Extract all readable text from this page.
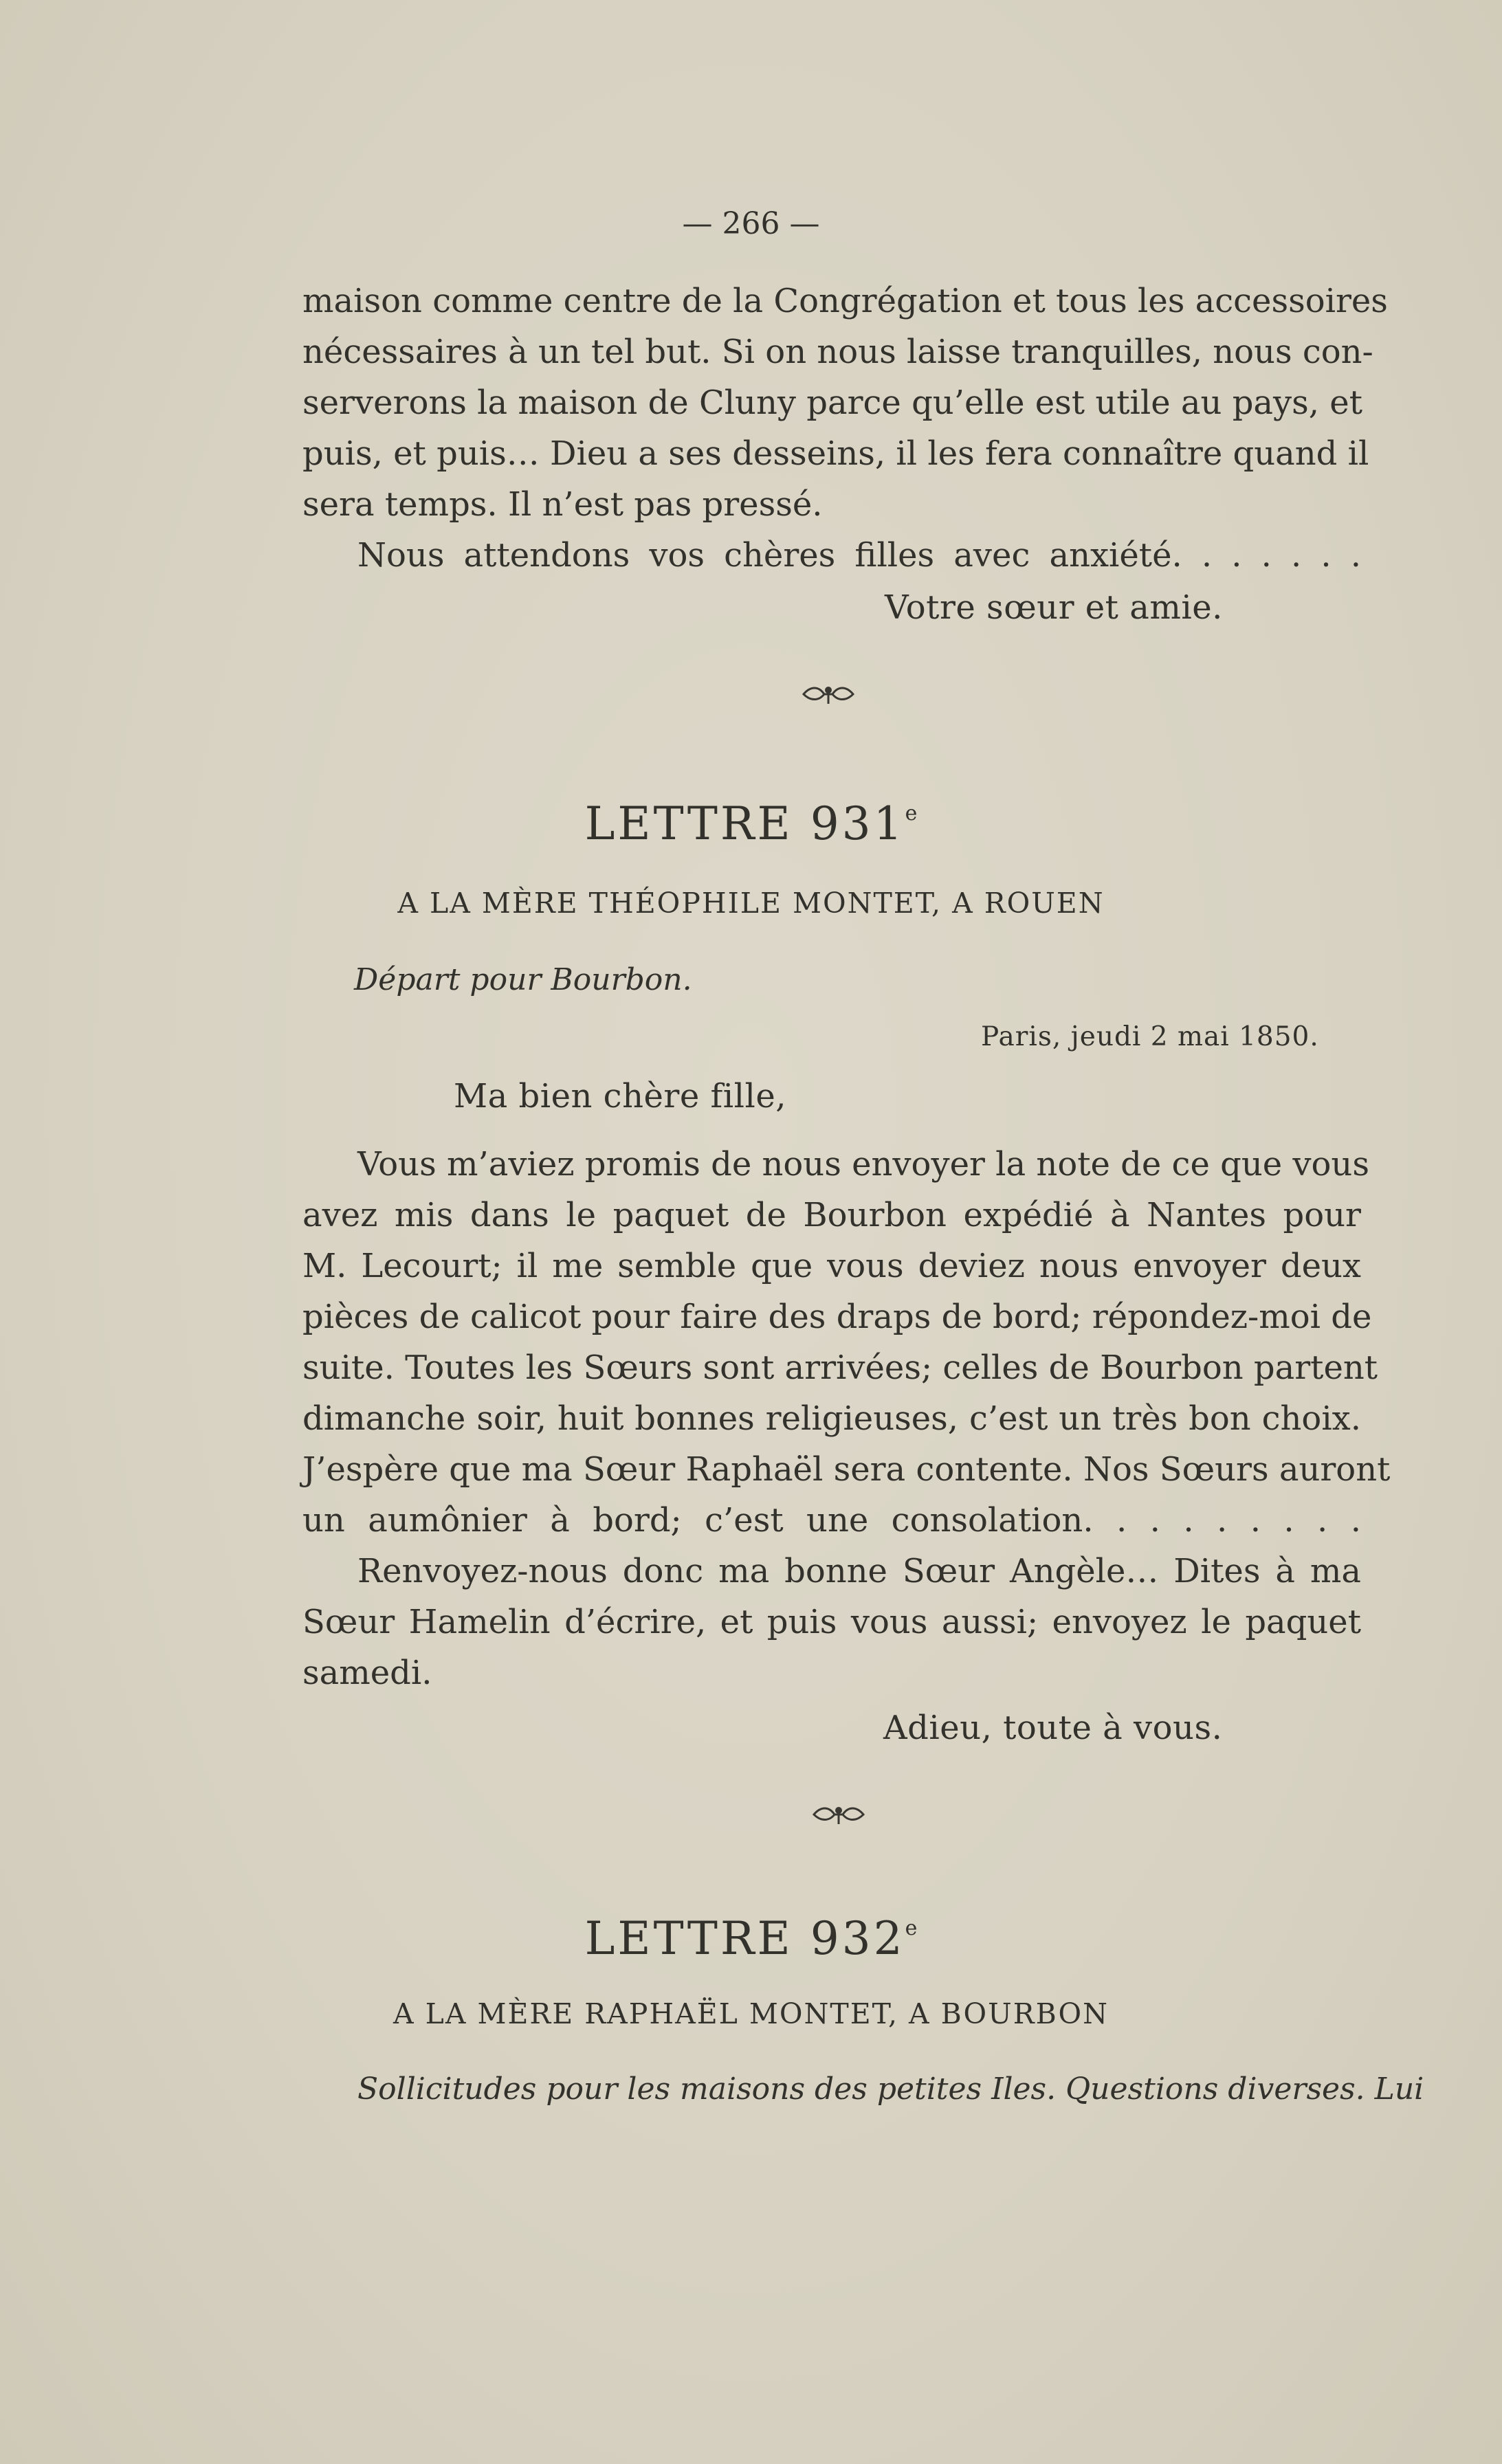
— 266 —
maison comme centre de la Congrégation et tous les accessoires
nécessaires à un tel but. Si on nous laisse tranquilles, nous con-
serverons la maison de Cluny parce qu’elle est utile au pays, et
puis, et puis… Dieu a ses desseins, il les fera connaître quand il
sera temps. Il n’est pas pressé.
Nous attendons vos chères filles avec anxiété. . . . . . .
Votre sœur et amie.
LETTRE 931e
A LA MÈRE THÉOPHILE MONTET, A ROUEN
Départ pour Bourbon.
Paris, jeudi 2 mai 1850.
Ma bien chère fille,
Vous m’aviez promis de nous envoyer la note de ce que vous
avez mis dans le paquet de Bourbon expédié à Nantes pour
M. Lecourt; il me semble que vous deviez nous envoyer deux
pièces de calicot pour faire des draps de bord; répondez-moi de
suite. Toutes les Sœurs sont arrivées; celles de Bourbon partent
dimanche soir, huit bonnes religieuses, c’est un très bon choix.
J’espère que ma Sœur Raphaël sera contente. Nos Sœurs auront
un aumônier à bord; c’est une consolation. . . . . . . . .
Renvoyez-nous donc ma bonne Sœur Angèle… Dites à ma
Sœur Hamelin d’écrire, et puis vous aussi; envoyez le paquet
samedi.
Adieu, toute à vous.
LETTRE 932e
A LA MÈRE RAPHAËL MONTET, A BOURBON
Sollicitudes pour les maisons des petites Iles. Questions diverses. Lui
